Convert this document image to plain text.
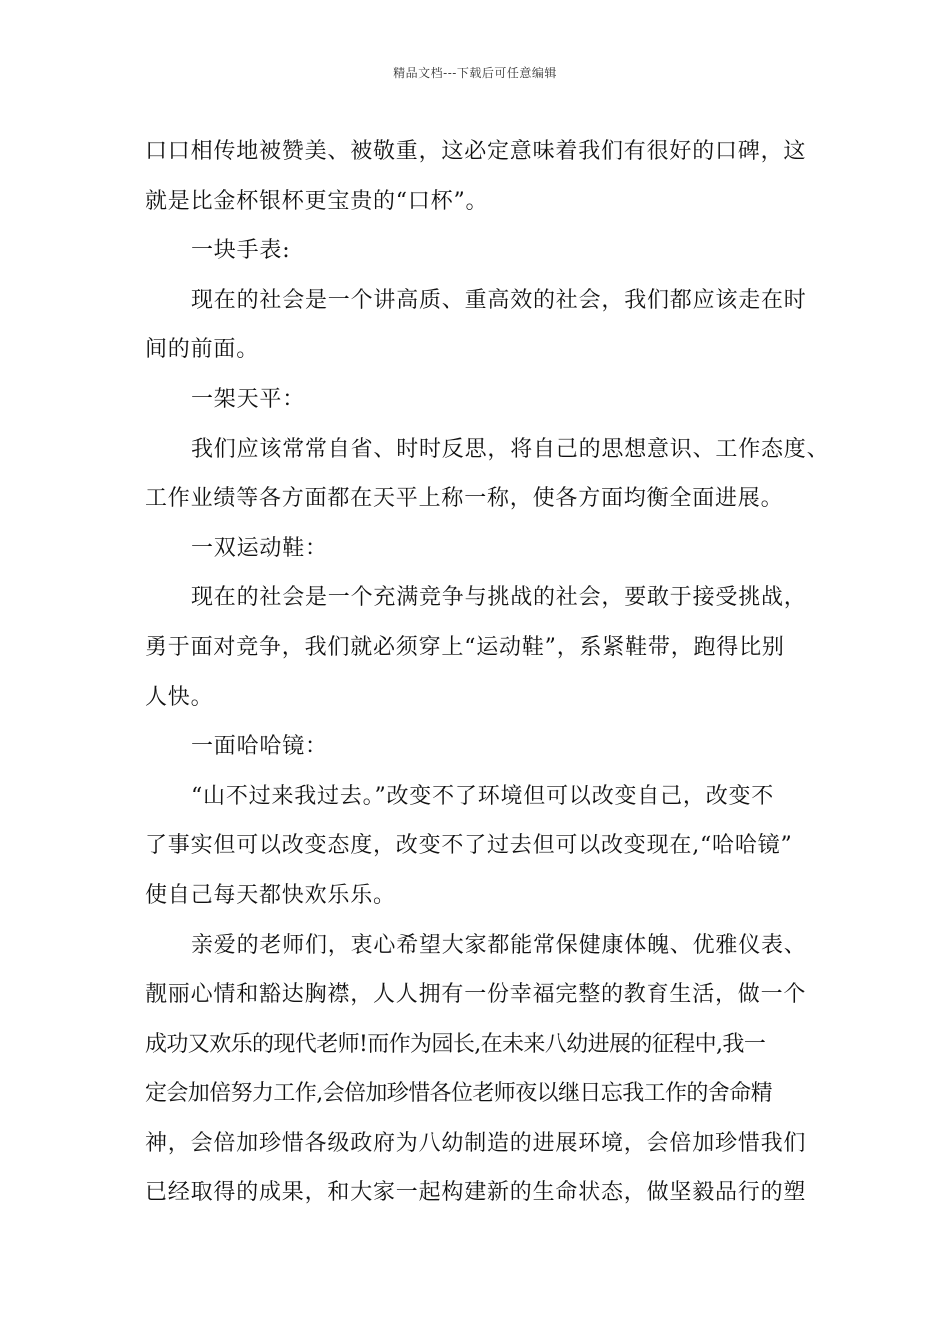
精品文档---下载后可任意编辑
口口相传地被赞美、被敬重，这必定意味着我们有很好的口碑，这
就是比金杯银杯更宝贵的“口杯”。
一块手表:
现在的社会是一个讲高质、重高效的社会，我们都应该走在时
间的前面。
一架天平：
我们应该常常自省、时时反思，将自己的思想意识、工作态度、
工作业绩等各方面都在天平上称一称，使各方面均衡全面进展。
一双运动鞋：
现在的社会是一个充满竞争与挑战的社会，要敢于接受挑战，
勇于面对竞争，我们就必须穿上“运动鞋”，系紧鞋带，跑得比别
人快。
一面哈哈镜：
“山不过来我过去。”改变不了环境但可以改变自己，改变不
了事实但可以改变态度，改变不了过去但可以改变现在,“哈哈镜”
使自己每天都快欢乐乐。
亲爱的老师们，衷心希望大家都能常保健康体魄、优雅仪表、
靓丽心情和豁达胸襟，人人拥有一份幸福完整的教育生活，做一个
成功又欢乐的现代老师!而作为园长,在未来八幼进展的征程中,我一
定会加倍努力工作,会倍加珍惜各位老师夜以继日忘我工作的舍命精
神，会倍加珍惜各级政府为八幼制造的进展环境，会倍加珍惜我们
已经取得的成果，和大家一起构建新的生命状态，做坚毅品行的塑
